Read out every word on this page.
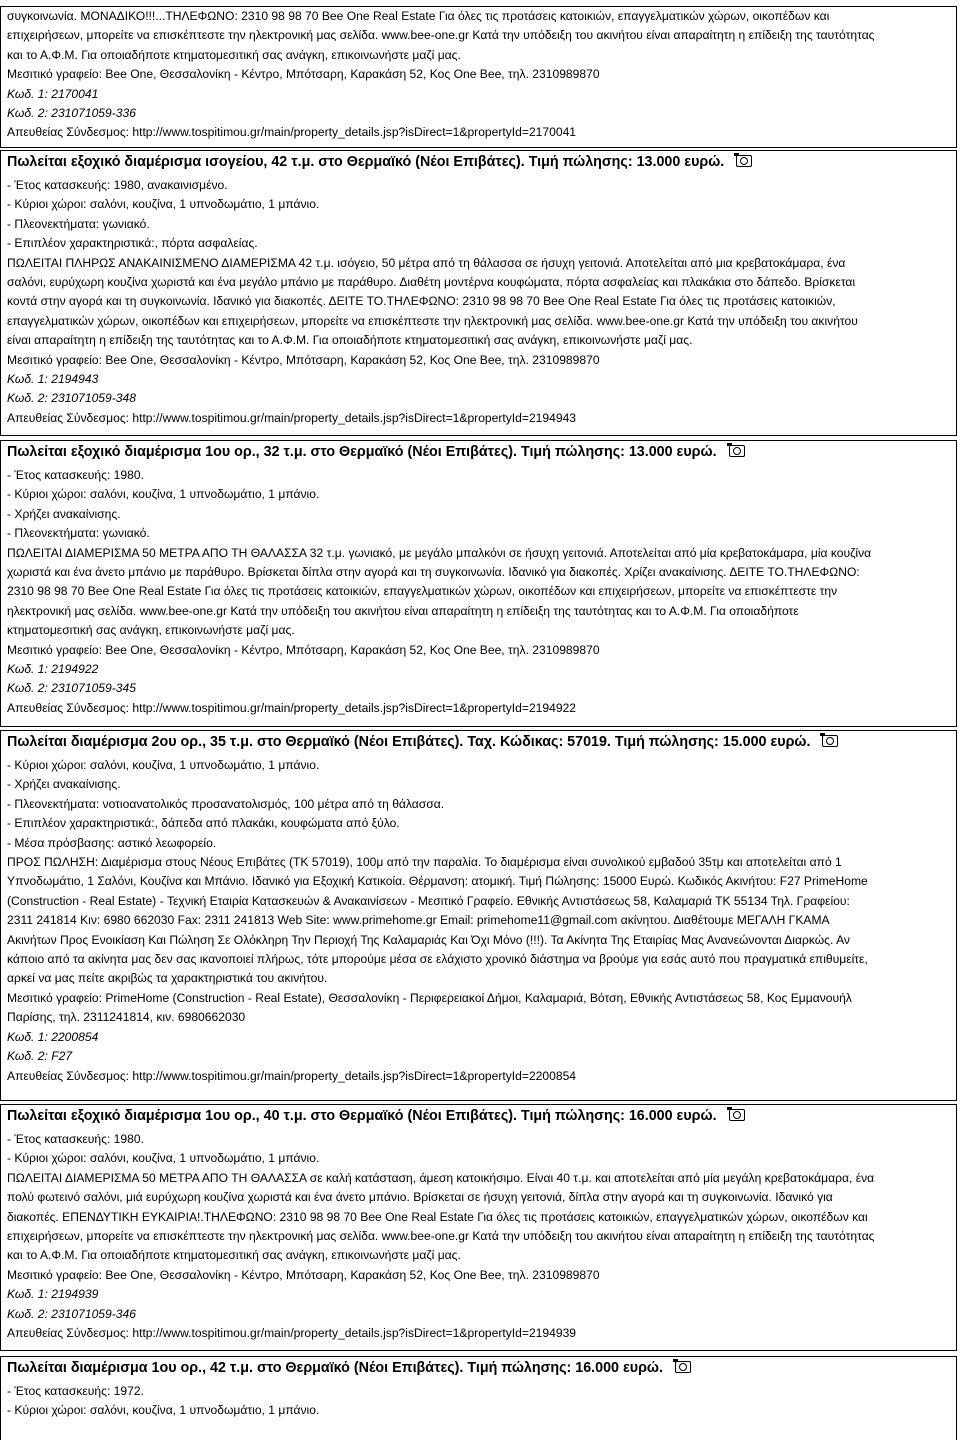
συγκοινωνία. ΜΟΝΑΔΙΚΟ!!!...ΤΗΛΕΦΩΝΟ: 2310 98 98 70 Bee One Real Estate Για όλες τις προτάσεις κατοικιών, επαγγελματικών χώρων, οικοπέδων και
επιχειρήσεων, μπορείτε να επισκέπτεστε την ηλεκτρονική μας σελίδα. www.bee-one.gr Κατά την υπόδειξη του ακινήτου είναι απαραίτητη η επίδειξη της ταυτότητας
και το Α.Φ.Μ. Για οποιαδήποτε κτηματομεσιτική σας ανάγκη, επικοινωνήστε μαζί μας.
Μεσιτικό γραφείο: Bee One, Θεσσαλονίκη - Κέντρο, Μπότσαρη, Καρακάση 52, Κος One Bee, τηλ. 2310989870
Κωδ. 1: 2170041
Κωδ. 2: 231071059-336
Απευθείας Σύνδεσμος: http://www.tospitimou.gr/main/property_details.jsp?isDirect=1&propertyId=2170041
Πωλείται εξοχικό διαμέρισμα ισογείου, 42 τ.μ. στο Θερμαϊκό (Νέοι Επιβάτες). Τιμή πώλησης: 13.000 ευρώ.
- Έτος κατασκευής: 1980, ανακαινισμένο.
- Κύριοι χώροι: σαλόνι, κουζίνα, 1 υπνοδωμάτιο, 1 μπάνιο.
- Πλεονεκτήματα: γωνιακό.
- Επιπλέον χαρακτηριστικά:, πόρτα ασφαλείας.
ΠΩΛΕΙΤΑΙ ΠΛΗΡΩΣ ΑΝΑΚΑΙΝΙΣΜΕΝΟ ΔΙΑΜΕΡΙΣΜΑ 42 τ.μ. ισόγειο, 50 μέτρα από τη θάλασσα σε ήσυχη γειτονιά. Αποτελείται από μια κρεβατοκάμαρα, ένα
σαλόνι, ευρύχωρη κουζίνα χωριστά και ένα μεγάλο μπάνιο με παράθυρο. Διαθέτη μοντέρνα κουφώματα, πόρτα ασφαλείας και πλακάκια στο δάπεδο. Βρίσκεται
κοντά στην αγορά και τη συγκοινωνία. Ιδανικό για διακοπές. ΔΕΙΤΕ ΤΟ.ΤΗΛΕΦΩΝΟ: 2310 98 98 70 Bee One Real Estate Για όλες τις προτάσεις κατοικιών,
επαγγελματικών χώρων, οικοπέδων και επιχειρήσεων, μπορείτε να επισκέπτεστε την ηλεκτρονική μας σελίδα. www.bee-one.gr Κατά την υπόδειξη του ακινήτου
είναι απαραίτητη η επίδειξη της ταυτότητας και το Α.Φ.Μ. Για οποιαδήποτε κτηματομεσιτική σας ανάγκη, επικοινωνήστε μαζί μας.
Μεσιτικό γραφείο: Bee One, Θεσσαλονίκη - Κέντρο, Μπότσαρη, Καρακάση 52, Κος One Bee, τηλ. 2310989870
Κωδ. 1: 2194943
Κωδ. 2: 231071059-348
Απευθείας Σύνδεσμος: http://www.tospitimou.gr/main/property_details.jsp?isDirect=1&propertyId=2194943
Πωλείται εξοχικό διαμέρισμα 1ου ορ., 32 τ.μ. στο Θερμαϊκό (Νέοι Επιβάτες). Τιμή πώλησης: 13.000 ευρώ.
- Έτος κατασκευής: 1980.
- Κύριοι χώροι: σαλόνι, κουζίνα, 1 υπνοδωμάτιο, 1 μπάνιο.
- Χρήζει ανακαίνισης.
- Πλεονεκτήματα: γωνιακό.
ΠΩΛΕΙΤΑΙ ΔΙΑΜΕΡΙΣΜΑ 50 ΜΕΤΡΑ ΑΠΟ ΤΗ ΘΑΛΑΣΣΑ 32 τ.μ. γωνιακό, με μεγάλο μπαλκόνι σε ήσυχη γειτονιά. Αποτελείται από μία κρεβατοκάμαρα, μία κουζίνα
χωριστά και ένα άνετο μπάνιο με παράθυρο. Βρίσκεται δίπλα στην αγορά και τη συγκοινωνία. Ιδανικό για διακοπές. Χρίζει ανακαίνισης. ΔΕΙΤΕ ΤΟ.ΤΗΛΕΦΩΝΟ:
2310 98 98 70 Bee One Real Estate Για όλες τις προτάσεις κατοικιών, επαγγελματικών χώρων, οικοπέδων και επιχειρήσεων, μπορείτε να επισκέπτεστε την
ηλεκτρονική μας σελίδα. www.bee-one.gr Κατά την υπόδειξη του ακινήτου είναι απαραίτητη η επίδειξη της ταυτότητας και το Α.Φ.Μ. Για οποιαδήποτε
κτηματομεσιτική σας ανάγκη, επικοινωνήστε μαζί μας.
Μεσιτικό γραφείο: Bee One, Θεσσαλονίκη - Κέντρο, Μπότσαρη, Καρακάση 52, Κος One Bee, τηλ. 2310989870
Κωδ. 1: 2194922
Κωδ. 2: 231071059-345
Απευθείας Σύνδεσμος: http://www.tospitimou.gr/main/property_details.jsp?isDirect=1&propertyId=2194922
Πωλείται διαμέρισμα 2ου ορ., 35 τ.μ. στο Θερμαϊκό (Νέοι Επιβάτες). Ταχ. Κώδικας: 57019. Τιμή πώλησης: 15.000 ευρώ.
- Κύριοι χώροι: σαλόνι, κουζίνα, 1 υπνοδωμάτιο, 1 μπάνιο.
- Χρήζει ανακαίνισης.
- Πλεονεκτήματα: νοτιοανατολικός προσανατολισμός, 100 μέτρα από τη θάλασσα.
- Επιπλέον χαρακτηριστικά:, δάπεδα από πλακάκι, κουφώματα από ξύλο.
- Μέσα πρόσβασης: αστικό λεωφορείο.
ΠΡΟΣ ΠΩΛΗΣΗ: Διαμέρισμα στους Νέους Επιβάτες (ΤΚ 57019), 100μ από την παραλία. Το διαμέρισμα είναι συνολικού εμβαδού 35τμ και αποτελείται από 1
Υπνοδωμάτιο, 1 Σαλόνι, Κουζίνα και Μπάνιο. Ιδανικό για Εξοχική Κατικοία. Θέρμανση: ατομική. Τιμή Πώλησης: 15000 Ευρώ. Κωδικός Ακινήτου: F27 PrimeHome
(Construction - Real Estate) - Τεχνική Εταιρία Κατασκευών & Ανακαινίσεων - Μεσιτικό Γραφείο. Εθνικής Αντιστάσεως 58, Καλαμαριά ΤΚ 55134 Τηλ. Γραφείου:
2311 241814 Κιν: 6980 662030 Fax: 2311 241813 Web Site: www.primehome.gr Email: primehome11@gmail.com ακίνητου. Διαθέτουμε ΜΕΓΑΛΗ ΓΚΑΜΑ
Ακινήτων Προς Ενοικίαση Και Πώληση Σε Ολόκληρη Την Περιοχή Της Καλαμαριάς Και Όχι Μόνο (!!!). Τα Ακίνητα Της Εταιρίας Μας Ανανεώνονται Διαρκώς. Αν
κάποιο από τα ακίνητα μας δεν σας ικανοποιεί πλήρως, τότε μπορούμε μέσα σε ελάχιστο χρονικό διάστημα να βρούμε για εσάς αυτό που πραγματικά επιθυμείτε,
αρκεί να μας πείτε ακριβώς τα χαρακτηριστικά του ακινήτου.
Μεσιτικό γραφείο: PrimeHome (Construction - Real Estate), Θεσσαλονίκη - Περιφερειακοί Δήμοι, Καλαμαριά, Βότση, Εθνικής Αντιστάσεως 58, Κος Εμμανουήλ
Παρίσης, τηλ. 2311241814, κιν. 6980662030
Κωδ. 1: 2200854
Κωδ. 2: F27
Απευθείας Σύνδεσμος: http://www.tospitimou.gr/main/property_details.jsp?isDirect=1&propertyId=2200854
Πωλείται εξοχικό διαμέρισμα 1ου ορ., 40 τ.μ. στο Θερμαϊκό (Νέοι Επιβάτες). Τιμή πώλησης: 16.000 ευρώ.
- Έτος κατασκευής: 1980.
- Κύριοι χώροι: σαλόνι, κουζίνα, 1 υπνοδωμάτιο, 1 μπάνιο.
ΠΩΛΕΙΤΑΙ ΔΙΑΜΕΡΙΣΜΑ 50 ΜΕΤΡΑ ΑΠΟ ΤΗ ΘΑΛΑΣΣΑ σε καλή κατάσταση, άμεση κατοικήσιμο. Είναι 40 τ.μ. και αποτελείται από μία μεγάλη κρεβατοκάμαρα, ένα
πολύ φωτεινό σαλόνι, μιά ευρύχωρη κουζίνα χωριστά και ένα άνετο μπάνιο. Βρίσκεται σε ήσυχη γειτονιά, δίπλα στην αγορά και τη συγκοινωνία. Ιδανικό για
διακοπές. ΕΠΕΝΔΥΤΙΚΗ ΕΥΚΑΙΡΙΑ!.ΤΗΛΕΦΩΝΟ: 2310 98 98 70 Bee One Real Estate Για όλες τις προτάσεις κατοικιών, επαγγελματικών χώρων, οικοπέδων και
επιχειρήσεων, μπορείτε να επισκέπτεστε την ηλεκτρονική μας σελίδα. www.bee-one.gr Κατά την υπόδειξη του ακινήτου είναι απαραίτητη η επίδειξη της ταυτότητας
και το Α.Φ.Μ. Για οποιαδήποτε κτηματομεσιτική σας ανάγκη, επικοινωνήστε μαζί μας.
Μεσιτικό γραφείο: Bee One, Θεσσαλονίκη - Κέντρο, Μπότσαρη, Καρακάση 52, Κος One Bee, τηλ. 2310989870
Κωδ. 1: 2194939
Κωδ. 2: 231071059-346
Απευθείας Σύνδεσμος: http://www.tospitimou.gr/main/property_details.jsp?isDirect=1&propertyId=2194939
Πωλείται διαμέρισμα 1ου ορ., 42 τ.μ. στο Θερμαϊκό (Νέοι Επιβάτες). Τιμή πώλησης: 16.000 ευρώ.
- Έτος κατασκευής: 1972.
- Κύριοι χώροι: σαλόνι, κουζίνα, 1 υπνοδωμάτιο, 1 μπάνιο.
